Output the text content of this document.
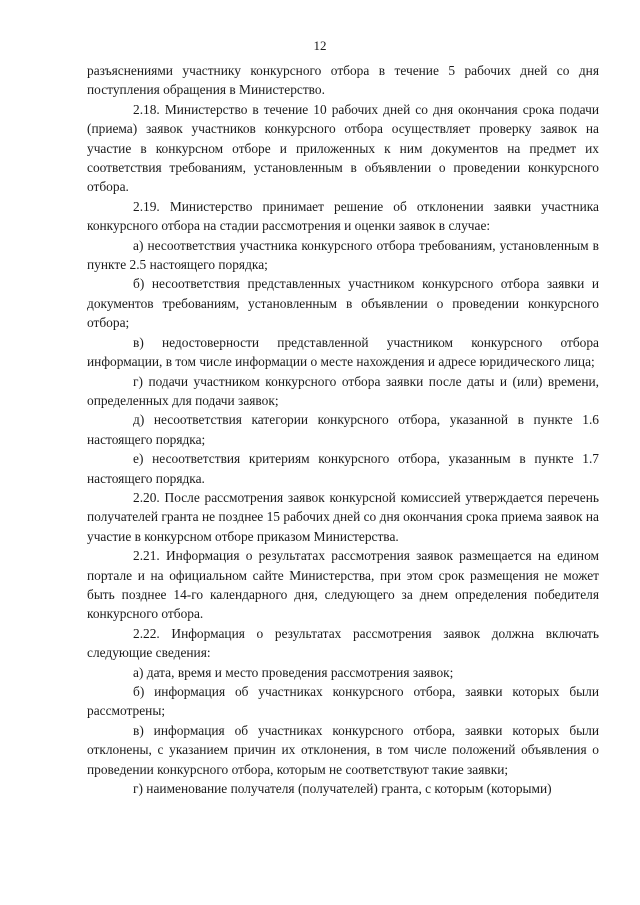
12

разъяснениями участнику конкурсного отбора в течение 5 рабочих дней со дня поступления обращения в Министерство.

2.18. Министерство в течение 10 рабочих дней со дня окончания срока подачи (приема) заявок участников конкурсного отбора осуществляет проверку заявок на участие в конкурсном отборе и приложенных к ним документов на предмет их соответствия требованиям, установленным в объявлении о проведении конкурсного отбора.

2.19. Министерство принимает решение об отклонении заявки участника конкурсного отбора на стадии рассмотрения и оценки заявок в случае:

а) несоответствия участника конкурсного отбора требованиям, установленным в пункте 2.5 настоящего порядка;

б) несоответствия представленных участником конкурсного отбора заявки и документов требованиям, установленным в объявлении о проведении конкурсного отбора;

в) недостоверности представленной участником конкурсного отбора информации, в том числе информации о месте нахождения и адресе юридического лица;

г) подачи участником конкурсного отбора заявки после даты и (или) времени, определенных для подачи заявок;

д) несоответствия категории конкурсного отбора, указанной в пункте 1.6 настоящего порядка;

е) несоответствия критериям конкурсного отбора, указанным в пункте 1.7 настоящего порядка.

2.20. После рассмотрения заявок конкурсной комиссией утверждается перечень получателей гранта не позднее 15 рабочих дней со дня окончания срока приема заявок на участие в конкурсном отборе приказом Министерства.

2.21. Информация о результатах рассмотрения заявок размещается на едином портале и на официальном сайте Министерства, при этом срок размещения не может быть позднее 14-го календарного дня, следующего за днем определения победителя конкурсного отбора.

2.22. Информация о результатах рассмотрения заявок должна включать следующие сведения:

а) дата, время и место проведения рассмотрения заявок;

б) информация об участниках конкурсного отбора, заявки которых были рассмотрены;

в) информация об участниках конкурсного отбора, заявки которых были отклонены, с указанием причин их отклонения, в том числе положений объявления о проведении конкурсного отбора, которым не соответствуют такие заявки;

г) наименование получателя (получателей) гранта, с которым (которыми)
